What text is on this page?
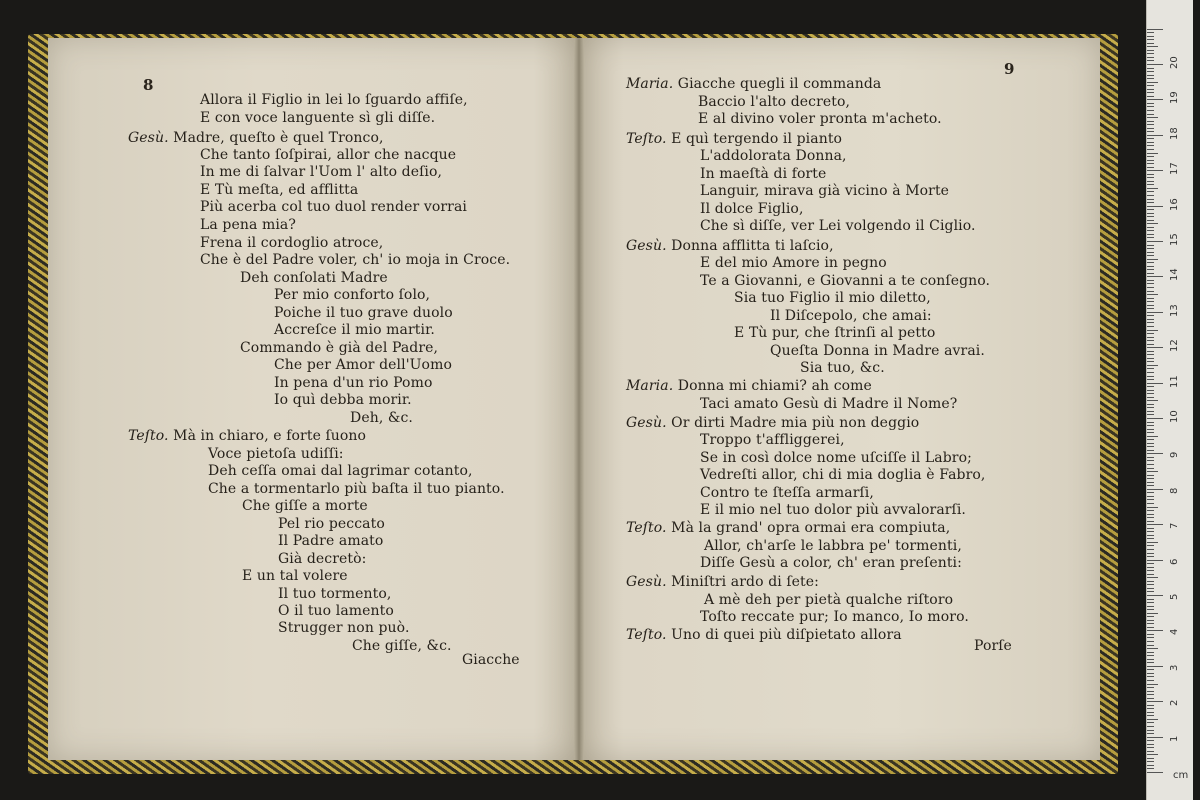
8
9
Allora il Figlio in lei lo ſguardo affiſe,
E con voce languente sì gli diſſe.
Gesù. Madre, queſto è quel Tronco,
Che tanto ſoſpirai, allor che nacque
In me di ſalvar l'Uom l' alto deſio,
E Tù meſta, ed afflitta
Più acerba col tuo duol render vorrai
La pena mia?
Frena il cordoglio atroce,
Che è del Padre voler, ch' io moja in Croce.
Deh conſolati Madre
Per mio conforto ſolo,
Poiche il tuo grave duolo
Accreſce il mio martir.
Commando è già del Padre,
Che per Amor dell'Uomo
In pena d'un rio Pomo
Io quì debba morir.
Deh, &c.
Teſto. Mà in chiaro, e forte ſuono
Voce pietoſa udiſſi:
Deh ceſſa omai dal lagrimar cotanto,
Che a tormentarlo più baſta il tuo pianto.
Che giſſe a morte
Pel rio peccato
Il Padre amato
Già decretò:
E un tal volere
Il tuo tormento,
O il tuo lamento
Strugger non può.
Che giſſe, &c.
Maria. Giacche quegli il commanda
Baccio l'alto decreto,
E al divino voler pronta m'acheto.
Teſto. E quì tergendo il pianto
L'addolorata Donna,
In maeſtà di forte
Languir, mirava già vicino à Morte
Il dolce Figlio,
Che sì diſſe, ver Lei volgendo il Ciglio.
Gesù. Donna afflitta ti laſcio,
E del mio Amore in pegno
Te a Giovanni, e Giovanni a te conſegno.
Sia tuo Figlio il mio diletto,
Il Diſcepolo, che amai:
E Tù pur, che ſtrinſi al petto
Queſta Donna in Madre avrai.
Sia tuo, &c.
Maria. Donna mi chiami? ah come
Taci amato Gesù di Madre il Nome?
Gesù. Or dirti Madre mia più non deggio
Troppo t'affliggerei,
Se in così dolce nome uſciſſe il Labro;
Vedreſti allor, chi di mia doglia è Fabro,
Contro te ſteſſa armarſi,
E il mio nel tuo dolor più avvalorarſi.
Teſto. Mà la grand' opra ormai era compiuta,
Allor, ch'arſe le labbra pe' tormenti,
Diſſe Gesù a color, ch' eran preſenti:
Gesù. Miniſtri ardo di ſete:
A mè deh per pietà qualche riſtoro
Toſto reccate pur; Io manco, Io moro.
Teſto. Uno di quei più diſpietato allora
Giacche
Porſe
cm
1
2
3
4
5
6
7
8
9
10
11
12
13
14
15
16
17
18
19
20
